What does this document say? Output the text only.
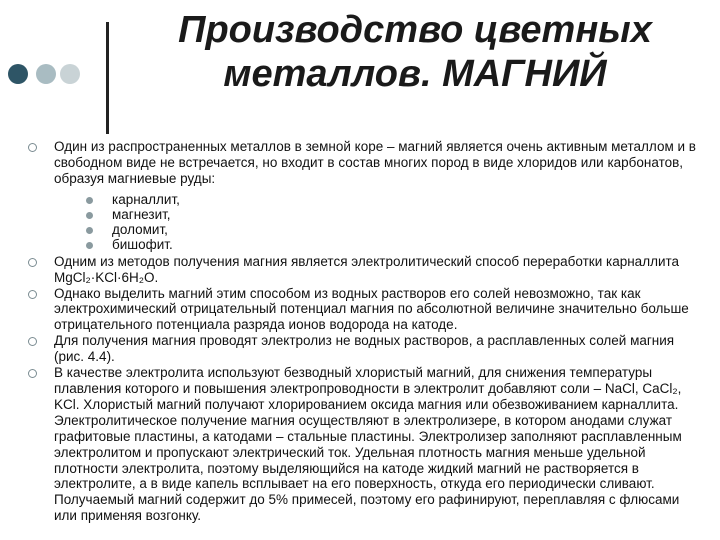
Производство цветных
металлов. МАГНИЙ
Один из распространенных металлов в земной коре – магний является очень активным металлом и в свободном виде не встречается, но входит в состав многих пород в виде хлоридов или карбонатов, образуя магниевые руды:
карналлит,
магнезит,
доломит,
бишофит.
Одним из методов получения магния является электролитический способ переработки карналлита MgCl₂·KCl·6H₂O.
Однако выделить магний этим способом из водных растворов его солей невозможно, так как электрохимический отрицательный потенциал магния по абсолютной величине значительно больше отрицательного потенциала разряда ионов водорода на катоде.
Для получения магния проводят электролиз не водных растворов, а расплавленных солей магния (рис. 4.4).
В качестве электролита используют безводный хлористый магний, для снижения температуры плавления которого и повышения электропроводности в электролит добавляют соли – NaCl, CaCl₂, KCl. Хлористый магний получают хлорированием оксида магния или обезвоживанием карналлита. Электролитическое получение магния осуществляют в электролизере, в котором анодами служат графитовые пластины, а катодами – стальные пластины. Электролизер заполняют расплавленным электролитом и пропускают электрический ток. Удельная плотность магния меньше удельной плотности электролита, поэтому выделяющийся на катоде жидкий магний не растворяется в электролите, а в виде капель всплывает на его поверхность, откуда его периодически сливают. Получаемый магний содержит до 5% примесей, поэтому его рафинируют, переплавляя с флюсами или применяя возгонку.
